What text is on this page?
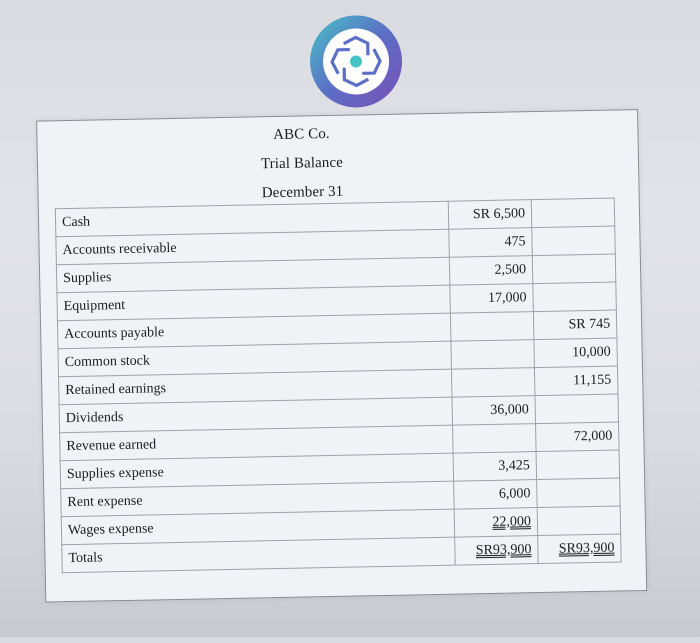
ABC Co.
Trial Balance
December 31
Cash	SR 6,500	
Accounts receivable	475	
Supplies	2,500	
Equipment	17,000	
Accounts payable		SR 745
Common stock		10,000
Retained earnings		11,155
Dividends	36,000	
Revenue earned		72,000
Supplies expense	3,425	
Rent expense	6,000	
Wages expense	22,000	
Totals	SR93,900	SR93,900
